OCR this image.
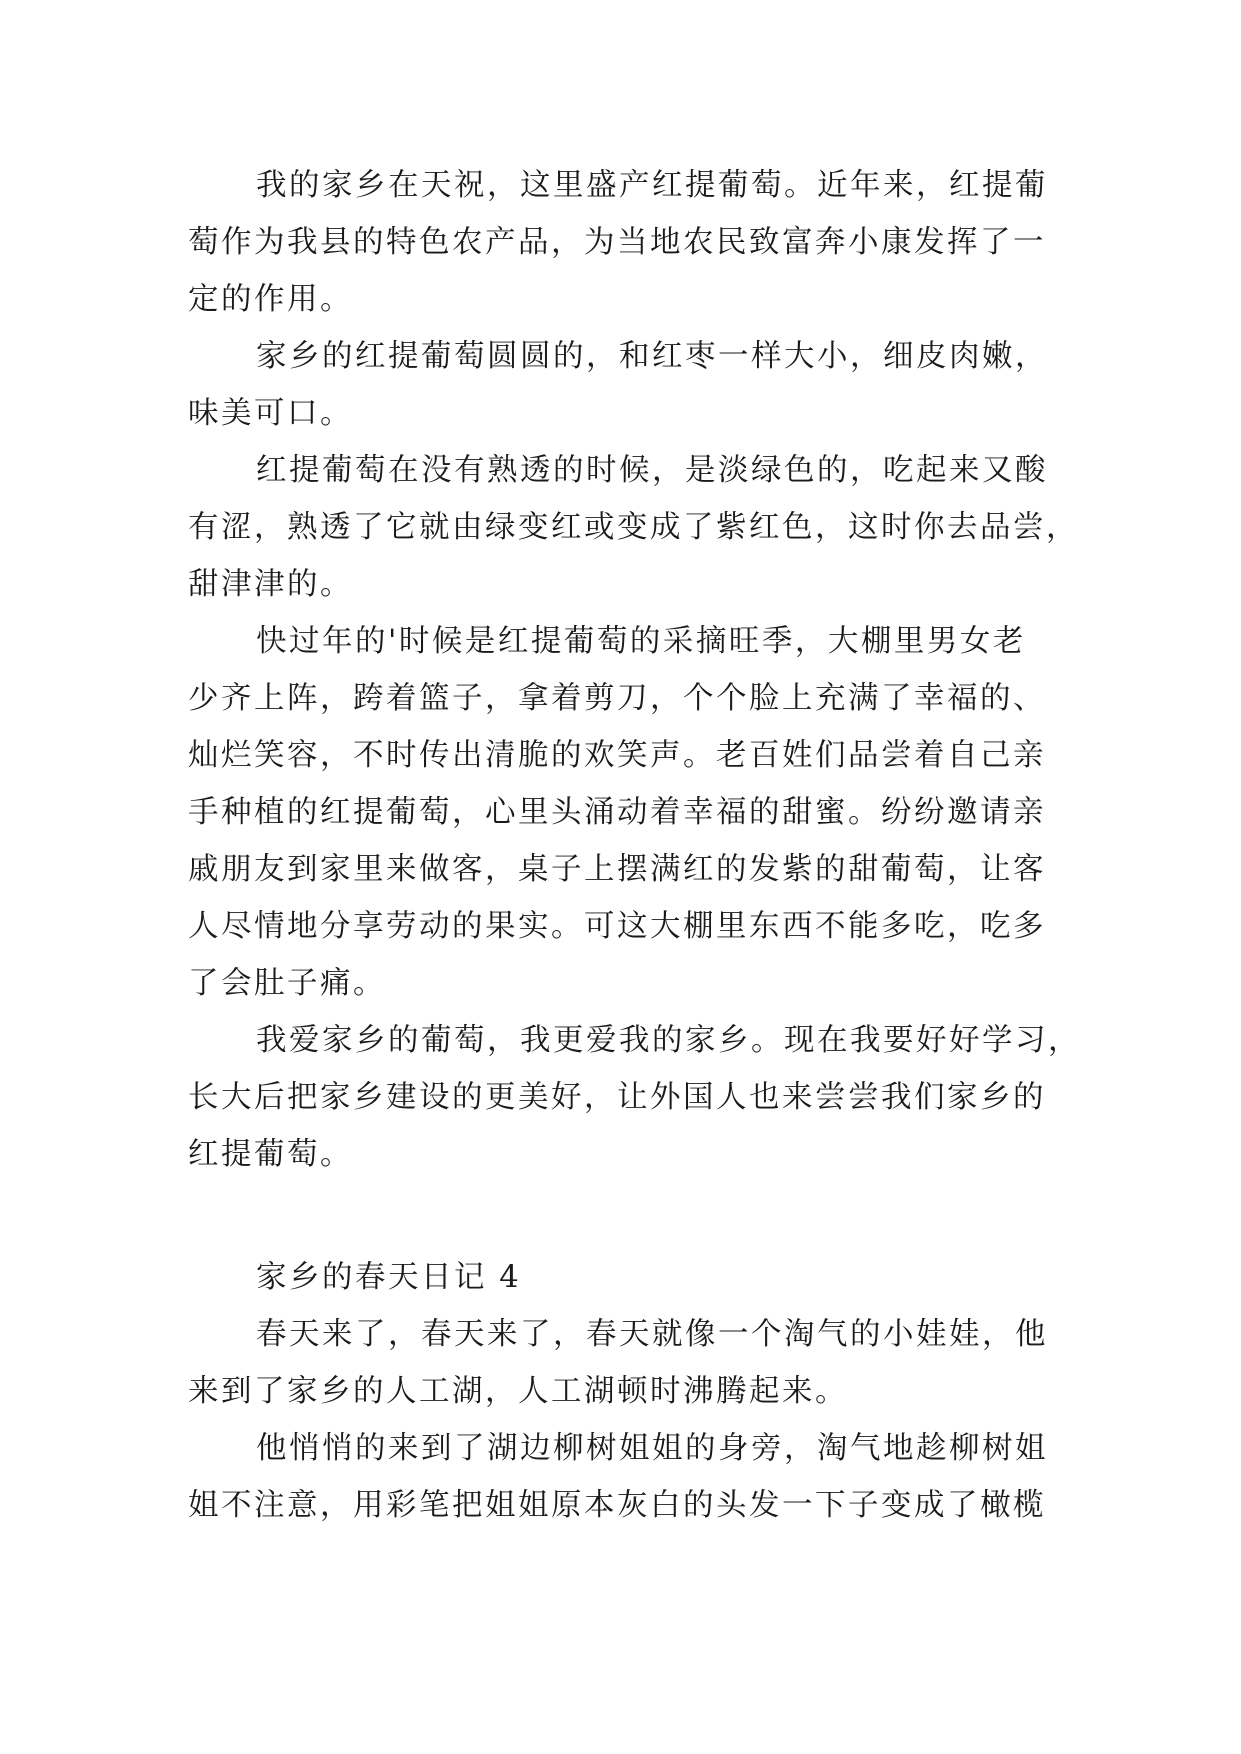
我的家乡在天祝，这里盛产红提葡萄。近年来，红提葡
萄作为我县的特色农产品，为当地农民致富奔小康发挥了一
定的作用。
家乡的红提葡萄圆圆的，和红枣一样大小，细皮肉嫩，
味美可口。
红提葡萄在没有熟透的时候，是淡绿色的，吃起来又酸
有涩，熟透了它就由绿变红或变成了紫红色，这时你去品尝，
甜津津的。
快过年的'时候是红提葡萄的采摘旺季，大棚里男女老
少齐上阵，跨着篮子，拿着剪刀，个个脸上充满了幸福的、
灿烂笑容，不时传出清脆的欢笑声。老百姓们品尝着自己亲
手种植的红提葡萄，心里头涌动着幸福的甜蜜。纷纷邀请亲
戚朋友到家里来做客，桌子上摆满红的发紫的甜葡萄，让客
人尽情地分享劳动的果实。可这大棚里东西不能多吃，吃多
了会肚子痛。
我爱家乡的葡萄，我更爱我的家乡。现在我要好好学习，
长大后把家乡建设的更美好，让外国人也来尝尝我们家乡的
红提葡萄。
家乡的春天日记 4
春天来了，春天来了，春天就像一个淘气的小娃娃，他
来到了家乡的人工湖，人工湖顿时沸腾起来。
他悄悄的来到了湖边柳树姐姐的身旁，淘气地趁柳树姐
姐不注意，用彩笔把姐姐原本灰白的头发一下子变成了橄榄
